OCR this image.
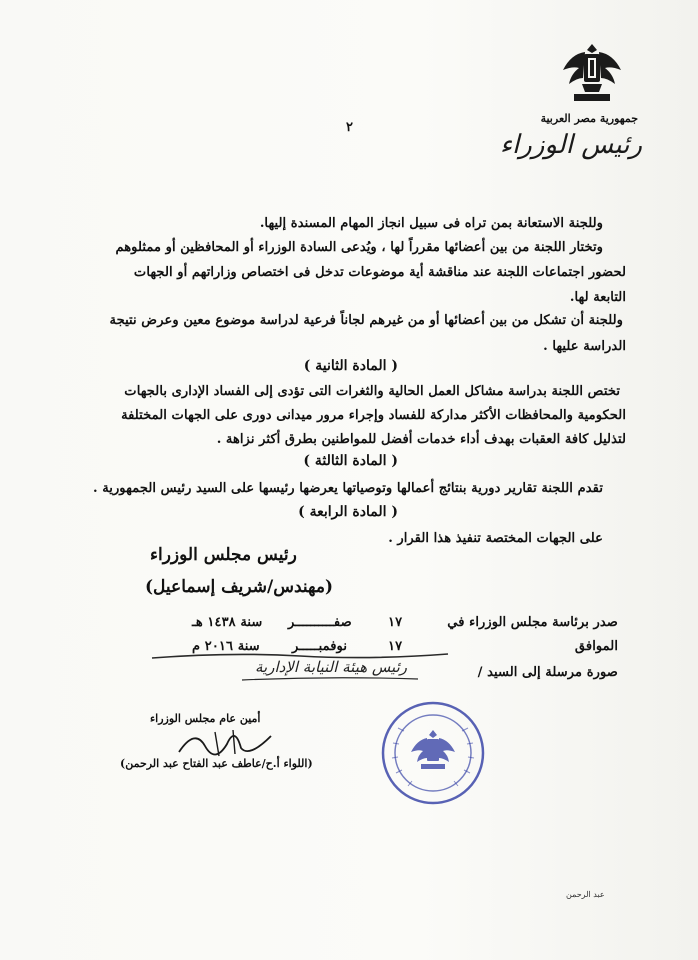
جمهورية مصر العربية
رئيس الوزراء
٢
وللجنة الاستعانة بمن تراه فى سبيل انجاز المهام المسندة إليها.
وتختار اللجنة من بين أعضائها مقرراً لها ، ويُدعى السادة الوزراء أو المحافظين أو ممثلوهم
لحضور اجتماعات اللجنة عند مناقشة أية موضوعات تدخل فى اختصاص وزاراتهم أو الجهات
التابعة لها.
وللجنة أن تشكل من بين أعضائها أو من غيرهم لجاناً فرعية لدراسة موضوع معين وعرض نتيجة
الدراسة عليها .
( المادة الثانية )
تختص اللجنة بدراسة مشاكل العمل الحالية والثغرات التى تؤدى إلى الفساد الإدارى بالجهات
الحكومية والمحافظات الأكثر مداركة للفساد وإجراء مرور ميدانى دورى على الجهات المختلفة
لتذليل كافة العقبات بهدف أداء خدمات أفضل للمواطنين بطرق أكثر نزاهة .
( المادة الثالثة )
تقدم اللجنة تقارير دورية بنتائج أعمالها وتوصياتها يعرضها رئيسها على السيد رئيس الجمهورية .
( المادة الرابعة )
على الجهات المختصة تنفيذ هذا القرار .
رئيس مجلس الوزراء
(مهندس/شريف إسماعيل)
صدر برئاسة مجلس الوزراء في
١٧
صفــــــــــر
سنة ١٤٣٨ هـ
الموافق
١٧
نوفمبـــــر
سنة ٢٠١٦ م
صورة مرسلة إلى السيد /
رئيس هيئة النيابة الإدارية
أمين عام مجلس الوزراء
(اللواء أ.ح/عاطف عبد الفتاح عبد الرحمن)
عبد الرحمن
